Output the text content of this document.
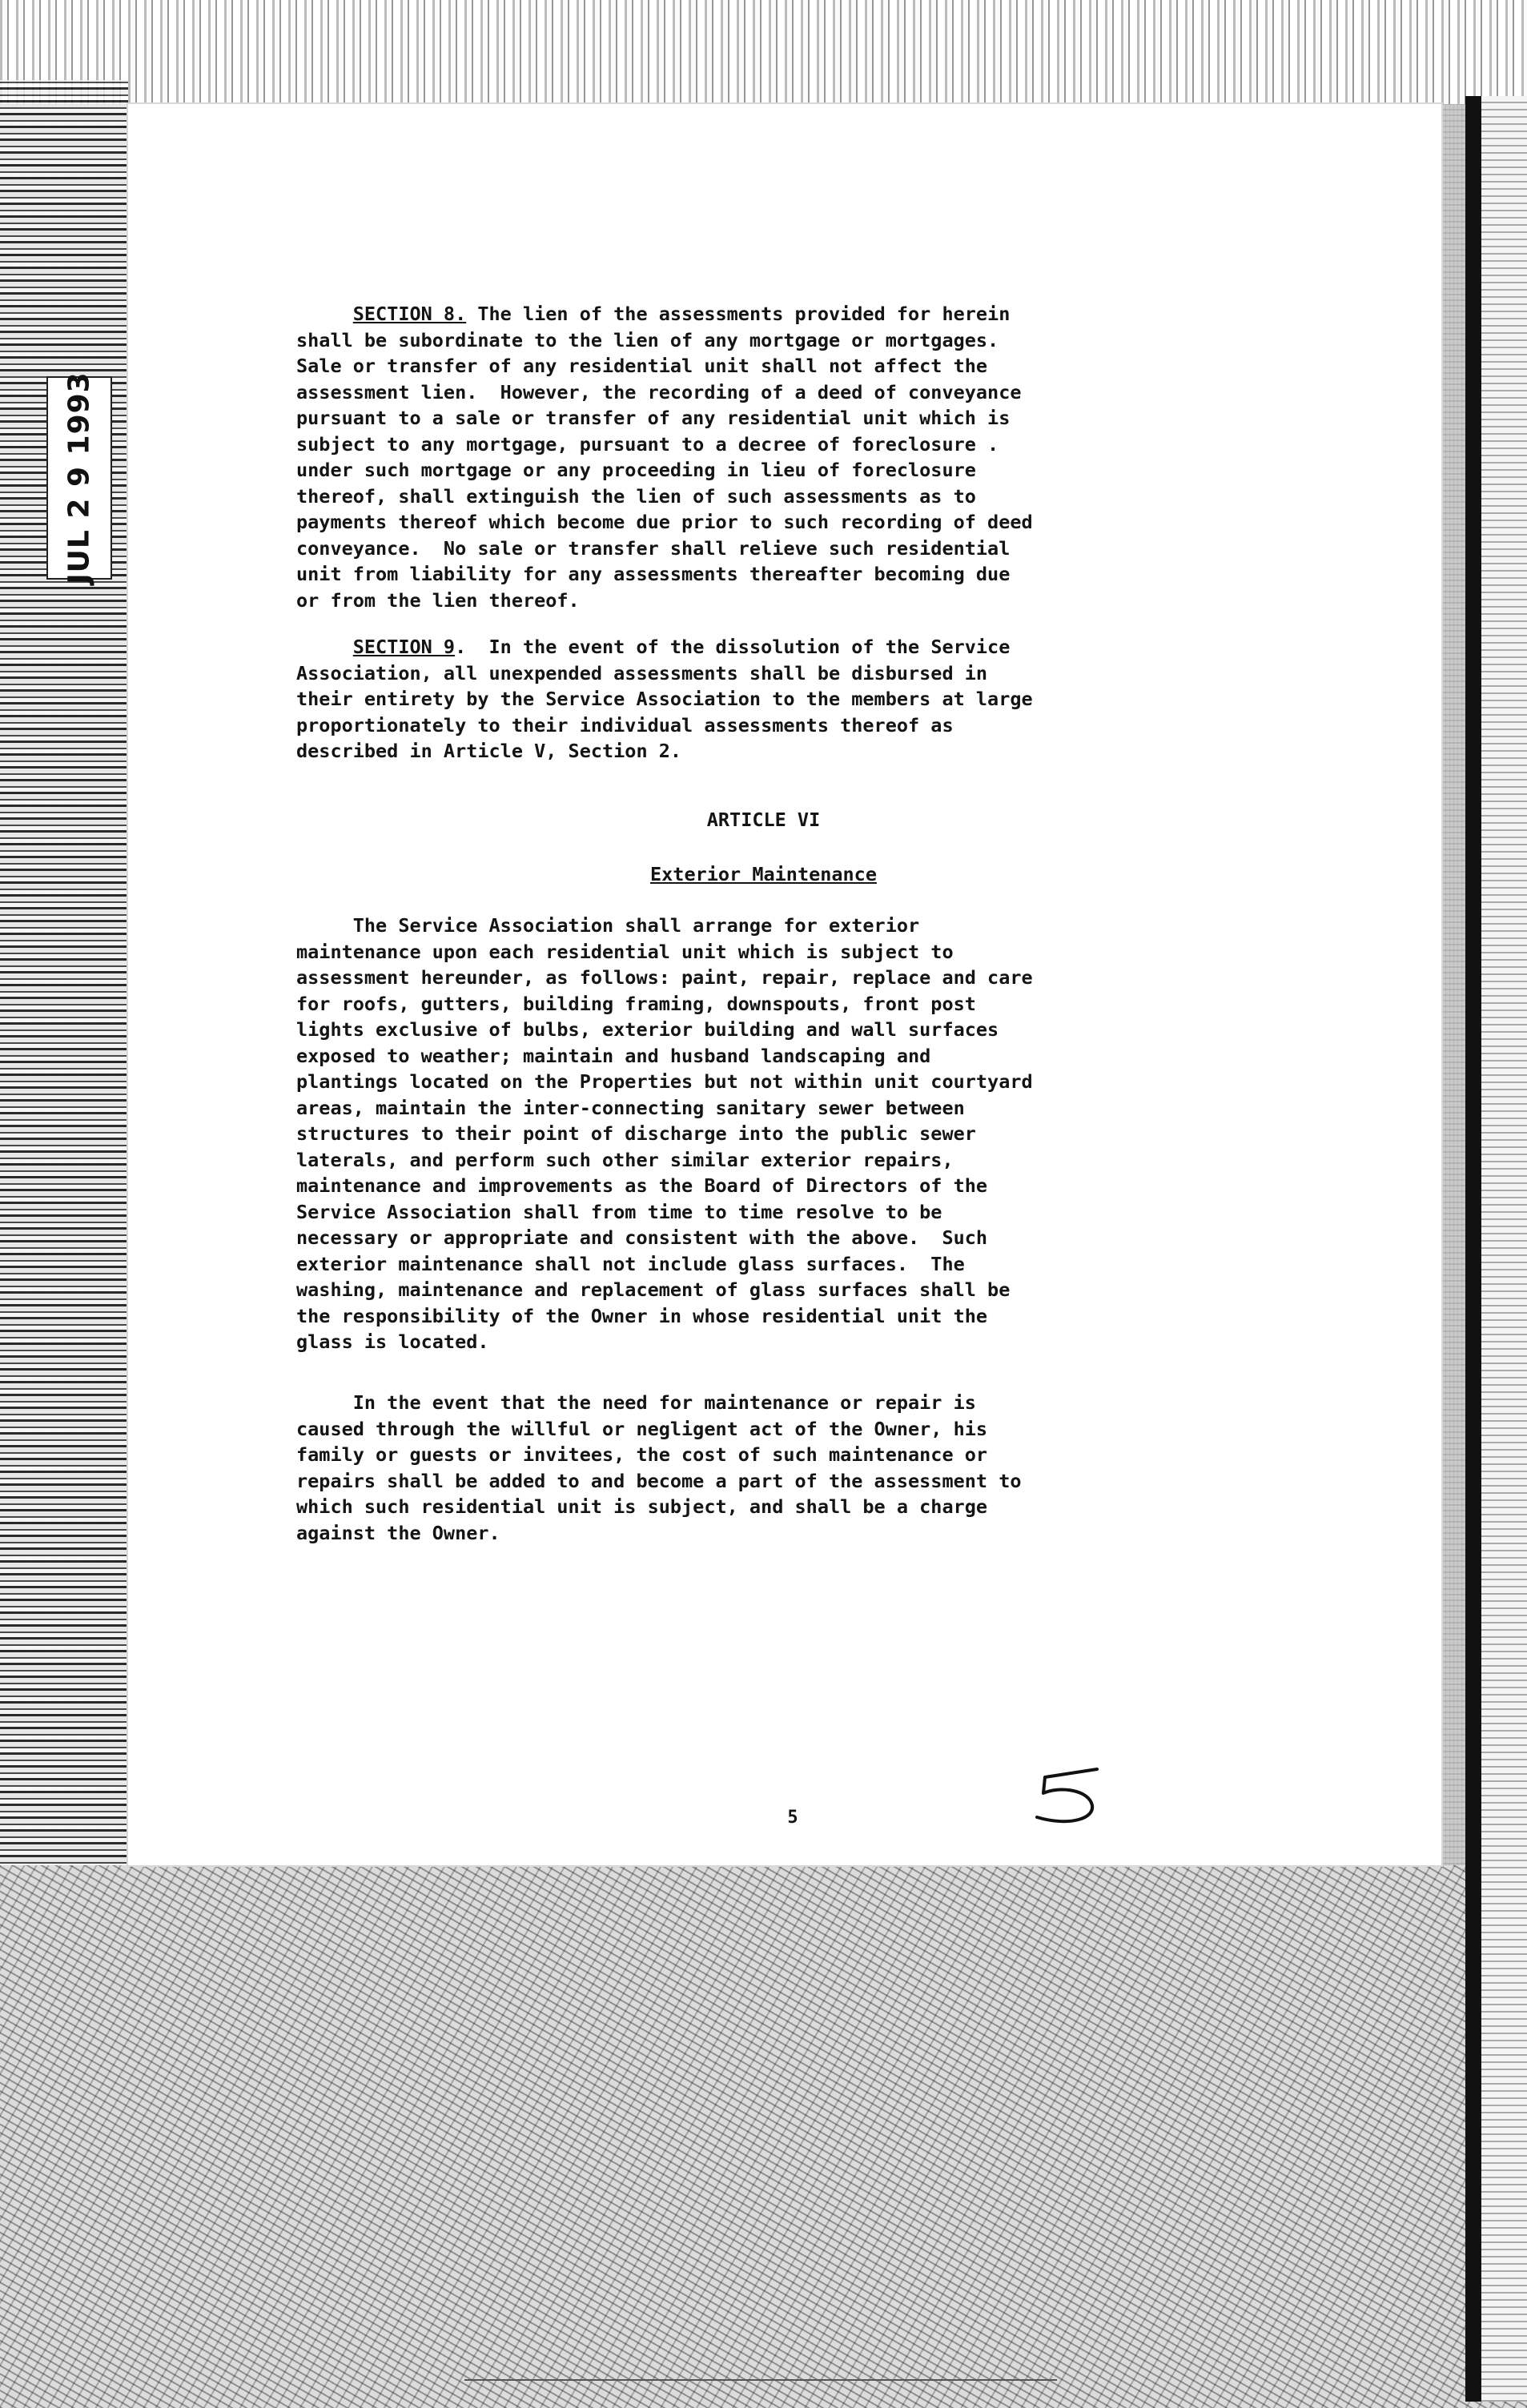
JUL 2 9 1993

SECTION 8. The lien of the assessments provided for herein

shall be subordinate to the lien of any mortgage or mortgages.

Sale or transfer of any residential unit shall not affect the

assessment lien.  However, the recording of a deed of conveyance

pursuant to a sale or transfer of any residential unit which is

subject to any mortgage, pursuant to a decree of foreclosure .

under such mortgage or any proceeding in lieu of foreclosure

thereof, shall extinguish the lien of such assessments as to

payments thereof which become due prior to such recording of deed

conveyance.  No sale or transfer shall relieve such residential

unit from liability for any assessments thereafter becoming due

or from the lien thereof.

SECTION 9.  In the event of the dissolution of the Service

Association, all unexpended assessments shall be disbursed in

their entirety by the Service Association to the members at large

proportionately to their individual assessments thereof as

described in Article V, Section 2.

ARTICLE VI
Exterior Maintenance

The Service Association shall arrange for exterior

maintenance upon each residential unit which is subject to

assessment hereunder, as follows: paint, repair, replace and care

for roofs, gutters, building framing, downspouts, front post

lights exclusive of bulbs, exterior building and wall surfaces

exposed to weather; maintain and husband landscaping and

plantings located on the Properties but not within unit courtyard

areas, maintain the inter-connecting sanitary sewer between

structures to their point of discharge into the public sewer

laterals, and perform such other similar exterior repairs,

maintenance and improvements as the Board of Directors of the

Service Association shall from time to time resolve to be

necessary or appropriate and consistent with the above.  Such

exterior maintenance shall not include glass surfaces.  The

washing, maintenance and replacement of glass surfaces shall be

the responsibility of the Owner in whose residential unit the

glass is located.

In the event that the need for maintenance or repair is

caused through the willful or negligent act of the Owner, his

family or guests or invitees, the cost of such maintenance or

repairs shall be added to and become a part of the assessment to

which such residential unit is subject, and shall be a charge

against the Owner.

5
